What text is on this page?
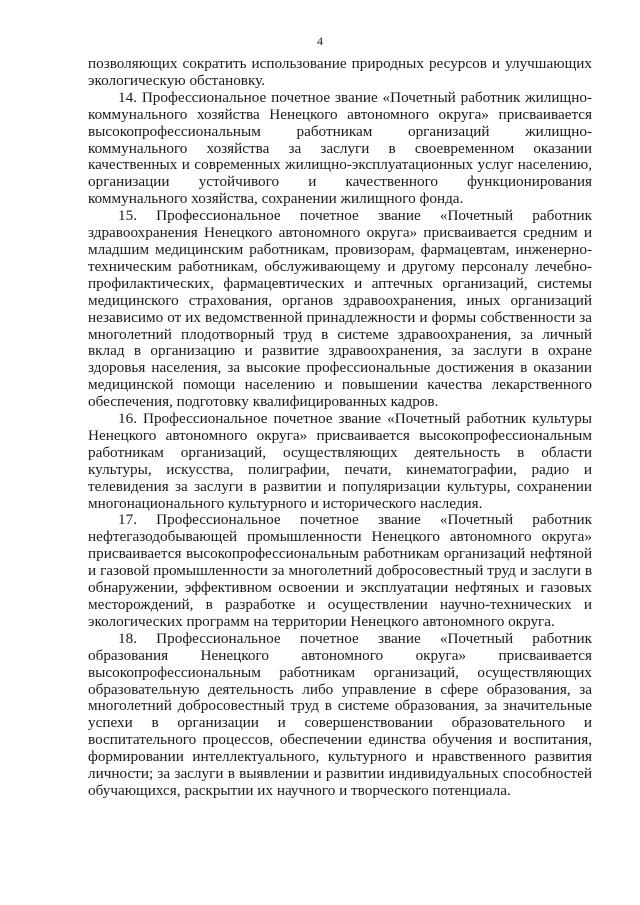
4

позволяющих сократить использование природных ресурсов и улучшающих экологическую обстановку.

14. Профессиональное почетное звание «Почетный работник жилищно-коммунального хозяйства Ненецкого автономного округа» присваивается высокопрофессиональным работникам организаций жилищно-коммунального хозяйства за заслуги в своевременном оказании качественных и современных жилищно-эксплуатационных услуг населению, организации устойчивого и качественного функционирования коммунального хозяйства, сохранении жилищного фонда.

15. Профессиональное почетное звание «Почетный работник здравоохранения Ненецкого автономного округа» присваивается средним и младшим медицинским работникам, провизорам, фармацевтам, инженерно-техническим работникам, обслуживающему и другому персоналу лечебно-профилактических, фармацевтических и аптечных организаций, системы медицинского страхования, органов здравоохранения, иных организаций независимо от их ведомственной принадлежности и формы собственности за многолетний плодотворный труд в системе здравоохранения, за личный вклад в организацию и развитие здравоохранения, за заслуги в охране здоровья населения, за высокие профессиональные достижения в оказании медицинской помощи населению и повышении качества лекарственного обеспечения, подготовку квалифицированных кадров.

16. Профессиональное почетное звание «Почетный работник культуры Ненецкого автономного округа» присваивается высокопрофессиональным работникам организаций, осуществляющих деятельность в области культуры, искусства, полиграфии, печати, кинематографии, радио и телевидения за заслуги в развитии и популяризации культуры, сохранении многонационального культурного и исторического наследия.

17. Профессиональное почетное звание «Почетный работник нефтегазодобывающей промышленности Ненецкого автономного округа» присваивается высокопрофессиональным работникам организаций нефтяной и газовой промышленности за многолетний добросовестный труд и заслуги в обнаружении, эффективном освоении и эксплуатации нефтяных и газовых месторождений, в разработке и осуществлении научно-технических и экологических программ на территории Ненецкого автономного округа.

18. Профессиональное почетное звание «Почетный работник образования Ненецкого автономного округа» присваивается высокопрофессиональным работникам организаций, осуществляющих образовательную деятельность либо управление в сфере образования, за многолетний добросовестный труд в системе образования, за значительные успехи в организации и совершенствовании образовательного и воспитательного процессов, обеспечении единства обучения и воспитания, формировании интеллектуального, культурного и нравственного развития личности; за заслуги в выявлении и развитии индивидуальных способностей обучающихся, раскрытии их научного и творческого потенциала.
